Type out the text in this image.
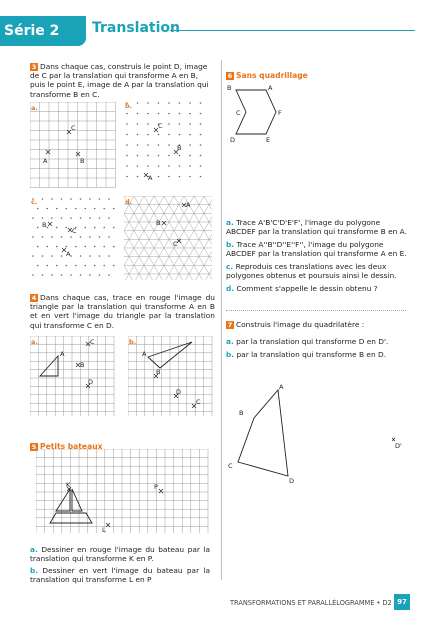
Série 2	Translation
3 Dans chaque cas, construis le point D, image de C par la translation qui transforme A en B, puis le point E, image de A par la translation qui transforme B en C.
a.
A	B
C
b.
C
B
A
c.
B
C
A
d.	A
B
C
4 Dans chaque cas, trace en rouge l'image du triangle par la translation qui transforme A en B et en vert l'image du triangle par la translation qui transforme C en D.
a.
A
C
B
D
b.
A
B
D
C
5 Petits bateaux
K	P
L
a. Dessiner en rouge l'image du bateau par la translation qui transforme K en P.
b. Dessiner en vert l'image du bateau par la translation qui transforme L en P
6 Sans quadrillage
B	A
C	F
D	E
a. Trace A'B'C'D'E'F', l'image du polygone ABCDEF par la translation qui transforme B en A.
b. Trace A''B''D''E''F'', l'image du polygone ABCDEF par la translation qui transforme A en E.
c. Reproduis ces translations avec les deux polygones obtenus et poursuis ainsi le dessin.
d. Comment s'appelle le dessin obtenu ?
7 Construis l'image du quadrilatère :
a. par la translation qui transforme D en D'.
b. par la translation qui transforme B en D.
A
B
C
D
D'
TRANSFORMATIONS ET PARALLÉLOGRAMME • D2 97
